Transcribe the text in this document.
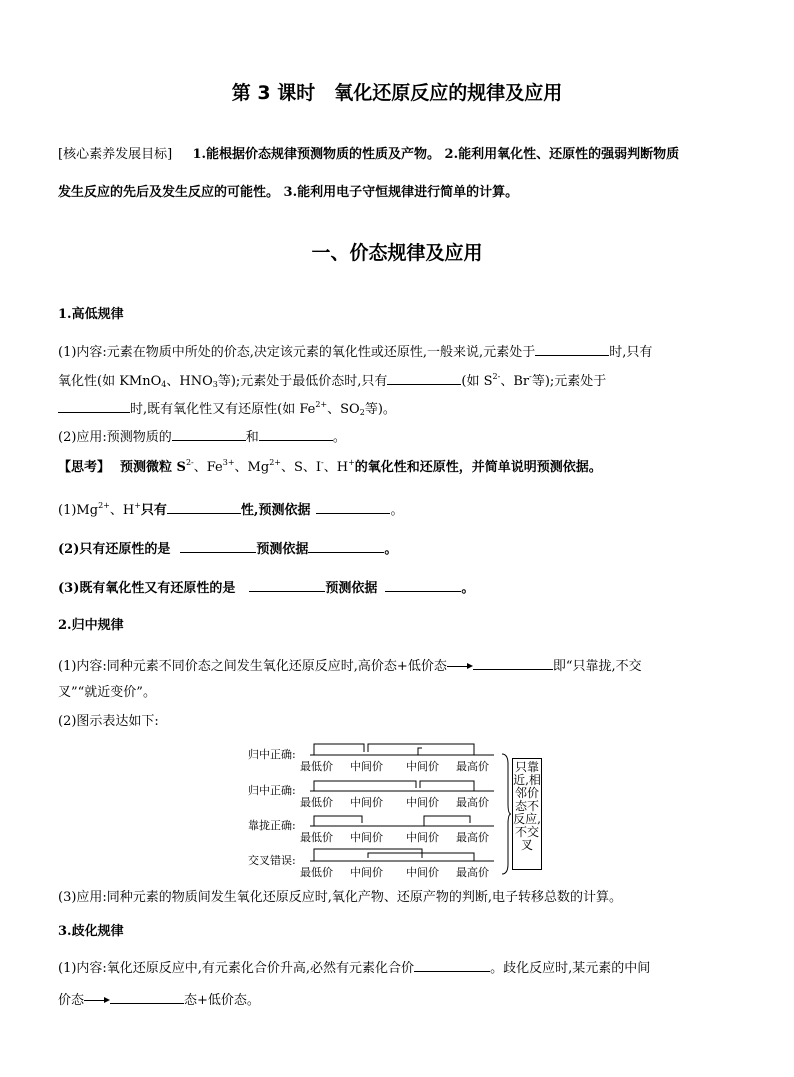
第 3 课时　氧化还原反应的规律及应用
[核心素养发展目标] 1.能根据价态规律预测物质的性质及产物。 2.能利用氧化性、还原性的强弱判断物质
发生反应的先后及发生反应的可能性。 3.能利用电子守恒规律进行简单的计算。
一、价态规律及应用
1.高低规律
(1)内容:元素在物质中所处的价态,决定该元素的氧化性或还原性,一般来说,元素处于	时,只有
氧化性(如 KMnO$_4$、$HNO_3$等);元素处于最低价态时,只有	(如 $S^{2-}$、Br-等);元素处于
时,既有氧化性又有还原性(如 $Fe^{2+}$、$SO_2$等)。
(2)应用:预测物质的	和	。
【思考】 预测微粒 $S^{2-}$、$Fe^{3+}$、$Mg^{2+}$、S、I-、H+的氧化性和还原性，并简单说明预测依据。
$(1)Mg^{2+}$、H+只有	性,预测依据	。
(2)只有还原性的是	预测依据	。
(3)既有氧化性又有还原性的是	预测依据	。
2.归中规律
(1)内容:同种元素不同价态之间发生氧化还原反应时,高价态+低价态	即“只靠拢,不交
叉”“就近变价”。
(2)图示表达如下:
归中正确:
最低价 中间价 中间价 最高价
归中正确:
最低价 中间价 中间价 最高价
靠拢正确:
最低价 中间价 中间价 最高价
交叉错误:
最低价 中间价 中间价 最高价
只靠近,相邻价态不反应,不交叉
(3)应用:同种元素的物质间发生氧化还原反应时,氧化产物、还原产物的判断,电子转移总数的计算。
3.歧化规律
(1)内容:氧化还原反应中,有元素化合价升高,必然有元素化合价	。歧化反应时,某元素的中间
价态	态+低价态。
